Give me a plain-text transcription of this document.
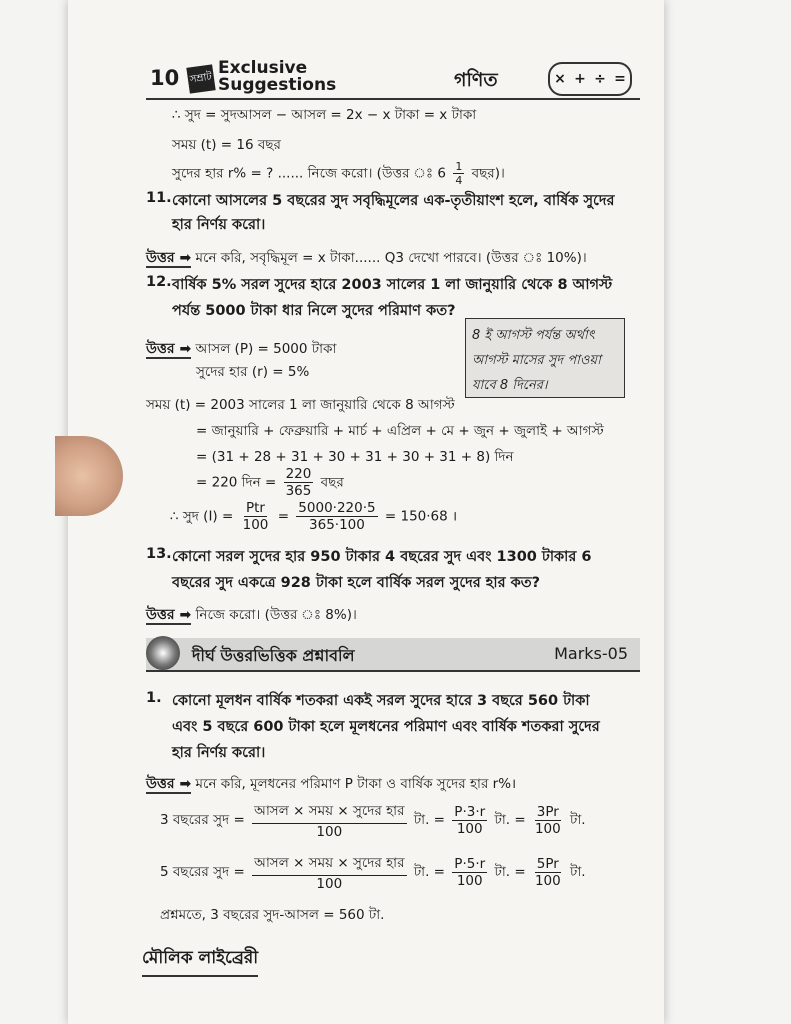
10 সম্রাট
Exclusive
Suggestions	গণিত	× + ÷ =
∴ সুদ = সুদআসল − আসল = 2x − x টাকা = x টাকা
সময় (t) = 16 বছর
সুদের হার r% = ? ...... নিজে করো। (উত্তর ঃ $6 \frac{1}{4}$ বছর)।
11. কোনো আসলের 5 বছরের সুদ সবৃদ্ধিমূলের এক-তৃতীয়াংশ হলে, বার্ষিক সুদের
হার নির্ণয় করো।
উত্তর ➡ মনে করি, সবৃদ্ধিমূল = x টাকা...... Q3 দেখো পারবে। (উত্তর ঃ 10%)।
12. বার্ষিক 5% সরল সুদের হারে 2003 সালের 1 লা জানুয়ারি থেকে 8 আগস্ট
পর্যন্ত 5000 টাকা ধার নিলে সুদের পরিমাণ কত?
উত্তর ➡ আসল (P) = 5000 টাকা
সুদের হার (r) = 5%
8 ই আগস্ট পর্যন্ত অর্থাৎ আগস্ট মাসের সুদ পাওয়া যাবে 8 দিনের।
সময় (t) = 2003 সালের 1 লা জানুয়ারি থেকে 8 আগস্ট
= জানুয়ারি + ফেব্রুয়ারি + মার্চ + এপ্রিল + মে + জুন + জুলাই + আগস্ট
= (31 + 28 + 31 + 30 + 31 + 30 + 31 + 8) দিন
= 220 দিন = $\frac{220}{365}$ বছর
∴ সুদ $(I) = \frac{\text{Ptr}}{100} = \frac{5000\cdot 220\cdot 5}{365\cdot 100} = 150\cdot 68$ ।
13. কোনো সরল সুদের হার 950 টাকার 4 বছরের সুদ এবং 1300 টাকার 6
বছরের সুদ একত্রে 928 টাকা হলে বার্ষিক সরল সুদের হার কত?
উত্তর ➡ নিজে করো। (উত্তর ঃ 8%)।
দীর্ঘ উত্তরভিত্তিক প্রশ্নাবলি	Marks-05
1. কোনো মূলধন বার্ষিক শতকরা একই সরল সুদের হারে 3 বছরে 560 টাকা
এবং 5 বছরে 600 টাকা হলে মূলধনের পরিমাণ এবং বার্ষিক শতকরা সুদের
হার নির্ণয় করো।
উত্তর ➡ মনে করি, মূলধনের পরিমাণ P টাকা ও বার্ষিক সুদের হার r%।
3 বছরের সুদ = $\frac{\text{আসল × সময় × সুদের হার}}{100}$ টা. = $\frac{P\cdot 3\cdot r}{100}$ টা. = $\frac{3Pr}{100}$ টা.
5 বছরের সুদ = $\frac{\text{আসল × সময় × সুদের হার}}{100}$ টা. = $\frac{P\cdot 5\cdot r}{100}$ টা. = $\frac{5Pr}{100}$ টা.
প্রশ্নমতে, 3 বছরের সুদ-আসল = 560 টা.
মৌলিক লাইব্রেরী
